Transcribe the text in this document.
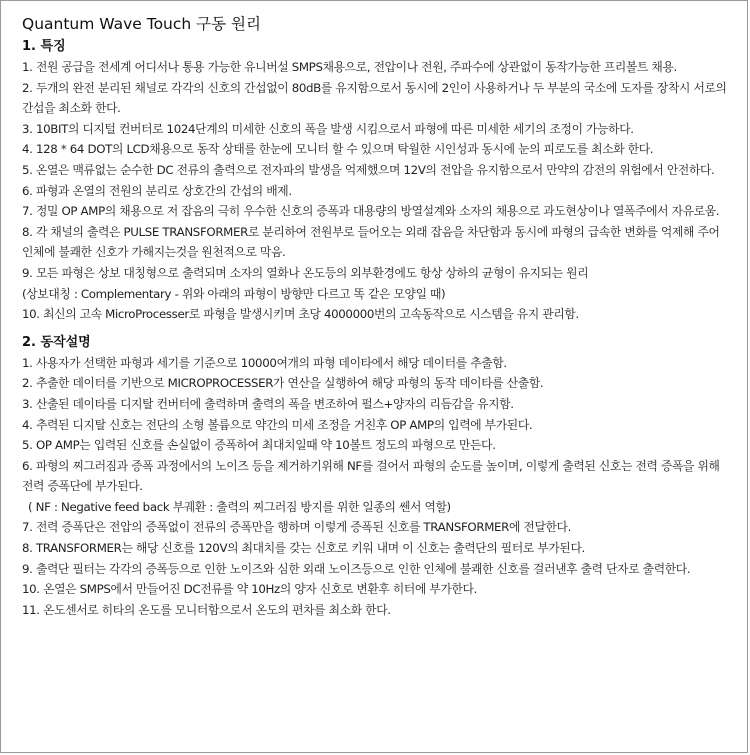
Quantum Wave Touch 구동 원리
1. 특징

1. 전원 공급을 전세계 어디서나 통용 가능한 유니버설 SMPS채용으로, 전압이나 전원, 주파수에 상관없이 동작가능한 프리볼트 채용.

2. 두개의 완전 분리된 채널로 각각의 신호의 간섭없이 80dB를 유지함으로서 동시에 2인이 사용하거나 두 부분의 국소에 도자를 장착시 서로의 간섭을 최소화 한다.

3. 10BIT의 디지털 컨버터로 1024단계의 미세한 신호의 폭을 발생 시킴으로서 파형에 따른 미세한 세기의 조정이 가능하다.

4. 128 * 64 DOT의 LCD채용으로 동작 상태를 한눈에 모니터 할 수 있으며 탁월한 시인성과 동시에 눈의 피로도를 최소화 한다.

5. 온열은 맥류없는 순수한 DC 전류의 출력으로 전자파의 발생을 억제했으며 12V의 전압을 유지함으로서 만약의 감전의 위험에서 안전하다.

6. 파형과 온열의 전원의 분리로 상호간의 간섭의 배제.

7. 정밀 OP AMP의 채용으로 저 잡음의 극히 우수한 신호의 증폭과 대용량의 방열설계와 소자의 채용으로 과도현상이나 열폭주에서 자유로움.

8. 각 채널의 출력은 PULSE TRANSFORMER로 분리하여 전원부로 들어오는 외래 잡음을 차단함과 동시에 파형의 급속한 변화를 억제해 주어 인체에 불쾌한 신호가 가해지는것을 원천적으로 막음.

9. 모든 파형은 상보 대칭형으로 출력되며 소자의 열화나 온도등의 외부환경에도 항상 상하의 균형이 유지되는 원리

(상보대칭 : Complementary - 위와 아래의 파형이 방향만 다르고 똑 같은 모양일 때)

10. 최신의 고속 MicroProcesser로 파형을 발생시키며 초당 4000000번의 고속동작으로 시스템을 유지 관리함.

2. 동작설명

1. 사용자가 선택한 파형과 세기를 기준으로 10000여개의 파형 데이타에서 해당 데이터를 추출함.

2. 추출한 데이터를 기반으로 MICROPROCESSER가 연산을 실행하여 해당 파형의 동작 데이타를 산출함.

3. 산출된 데이타를 디지탈 컨버터에 출력하며 출력의 폭을 변조하여 펄스+양자의 리듬감을 유지함.

4. 추력된 디지탈 신호는 전단의 소형 볼륨으로 약간의 미세 조정을 거친후 OP AMP의 입력에 부가된다.

5. OP AMP는 입력된 신호를 손실없이 증폭하여 최대치일때 약 10볼트 정도의 파형으로 만든다.

6. 파형의 찌그러짐과 증폭 과정에서의 노이즈 등을 제거하기위해 NF를 걸어서 파형의 순도를 높이며, 이렇게 출력된 신호는 전력 증폭을 위해 전력 증폭단에 부가된다.

( NF : Negative feed back 부궤환 : 출력의 찌그러짐 방지를 위한 일종의 쎈서 역할)

7. 전력 증폭단은 전압의 증폭없이 전류의 증폭만을 행하며 이렇게 증폭된 신호를 TRANSFORMER에 전달한다.

8. TRANSFORMER는 해당 신호를 120V의 최대치를 갖는 신호로 키워 내며 이 신호는 출력단의 필터로 부가된다.

9. 출력단 필터는 각각의 증폭등으로 인한 노이즈와 심한 외래 노이즈등으로 인한 인체에 불쾌한 신호를 걸러낸후 출력 단자로 출력한다.

10. 온열은 SMPS에서 만들어진 DC전류를 약 10Hz의 양자 신호로 변환후 히터에 부가한다.

11. 온도센서로 히타의 온도를 모니터함으로서 온도의 편차를 최소화 한다.
